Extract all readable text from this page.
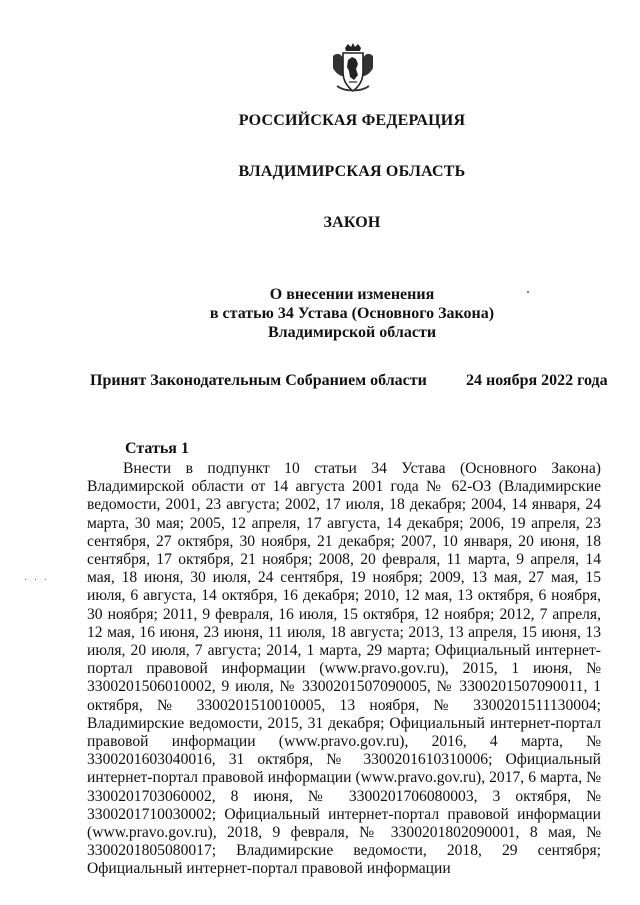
РОССИЙСКАЯ ФЕДЕРАЦИЯ
ВЛАДИМИРСКАЯ ОБЛАСТЬ
ЗАКОН
О внесении изменения
в статью 34 Устава (Основного Закона)
Владимирской области
Принят Законодательным Собранием области 24 ноября 2022 года
Статья 1
Внести в подпункт 10 статьи 34 Устава (Основного Закона) Владимирской области от 14 августа 2001 года № 62-ОЗ (Владимирские ведомости, 2001, 23 августа; 2002, 17 июля, 18 декабря; 2004, 14 января, 24 марта, 30 мая; 2005, 12 апреля, 17 августа, 14 декабря; 2006, 19 апреля, 23 сентября, 27 октября, 30 ноября, 21 декабря; 2007, 10 января, 20 июня, 18 сентября, 17 октября, 21 ноября; 2008, 20 февраля, 11 марта, 9 апреля, 14 мая, 18 июня, 30 июля, 24 сентября, 19 ноября; 2009, 13 мая, 27 мая, 15 июля, 6 августа, 14 октября, 16 декабря; 2010, 12 мая, 13 октября, 6 ноября, 30 ноября; 2011, 9 февраля, 16 июля, 15 октября, 12 ноября; 2012, 7 апреля, 12 мая, 16 июня, 23 июня, 11 июля, 18 августа; 2013, 13 апреля, 15 июня, 13 июля, 20 июля, 7 августа; 2014, 1 марта, 29 марта; Официальный интернет-портал правовой информации (www.pravo.gov.ru), 2015, 1 июня, № 3300201506010002, 9 июля, № 3300201507090005, № 3300201507090011, 1 октября, № 3300201510010005, 13 ноября, № 3300201511130004; Владимирские ведомости, 2015, 31 декабря; Официальный интернет-портал правовой информации (www.pravo.gov.ru), 2016, 4 марта, № 3300201603040016, 31 октября, № 3300201610310006; Официальный интернет-портал правовой информации (www.pravo.gov.ru), 2017, 6 марта, № 3300201703060002, 8 июня, № 3300201706080003, 3 октября, № 3300201710030002; Официальный интернет-портал правовой информации (www.pravo.gov.ru), 2018, 9 февраля, № 3300201802090001, 8 мая, № 3300201805080017; Владимирские ведомости, 2018, 29 сентября; Официальный интернет-портал правовой информации
· · ·
